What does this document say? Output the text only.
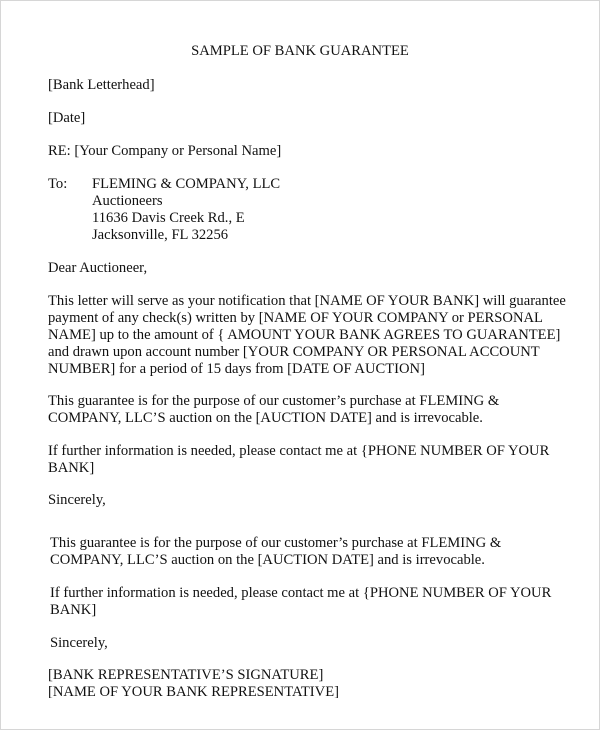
SAMPLE OF BANK GUARANTEE
[Bank Letterhead]
[Date]
RE: [Your Company or Personal Name]
To: FLEMING & COMPANY, LLC
Auctioneers
11636 Davis Creek Rd., E
Jacksonville, FL 32256
Dear Auctioneer,
This letter will serve as your notification that [NAME OF YOUR BANK] will guarantee
payment of any check(s) written by [NAME OF YOUR COMPANY or PERSONAL
NAME] up to the amount of { AMOUNT YOUR BANK AGREES TO GUARANTEE]
and drawn upon account number [YOUR COMPANY OR PERSONAL ACCOUNT
NUMBER] for a period of 15 days from [DATE OF AUCTION]
This guarantee is for the purpose of our customer’s purchase at FLEMING &
COMPANY, LLC’S auction on the [AUCTION DATE] and is irrevocable.
If further information is needed, please contact me at {PHONE NUMBER OF YOUR
BANK]
Sincerely,
This guarantee is for the purpose of our customer’s purchase at FLEMING &
COMPANY, LLC’S auction on the [AUCTION DATE] and is irrevocable.
If further information is needed, please contact me at {PHONE NUMBER OF YOUR
BANK]
Sincerely,
[BANK REPRESENTATIVE’S SIGNATURE]
[NAME OF YOUR BANK REPRESENTATIVE]
